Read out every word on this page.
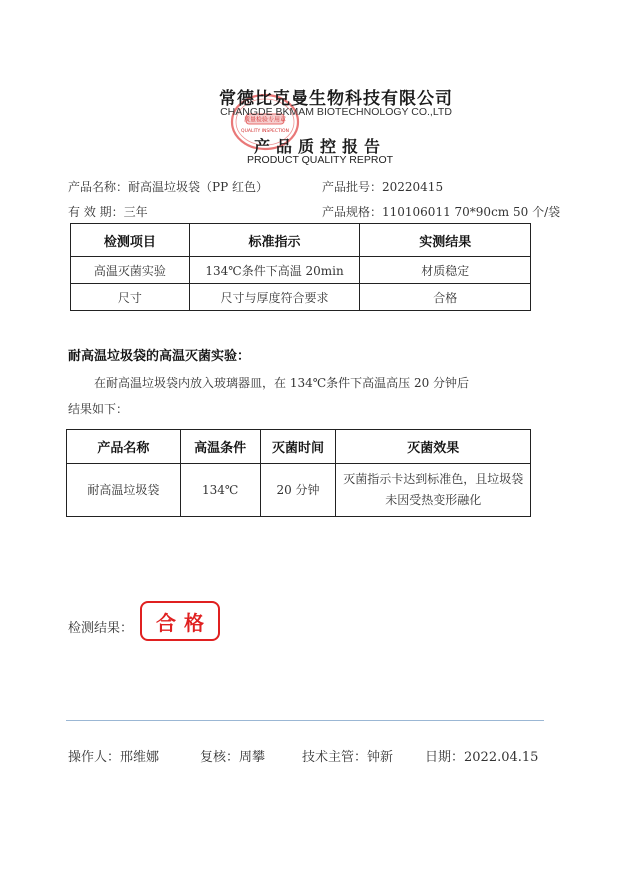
质量检验专用章
QUALITY INSPECTION
常德比克曼生物科技有限公司
CHANGDE BKMAM BIOTECHNOLOGY CO.,LTD
产品质控报告
PRODUCT QUALITY REPROT
产品名称：耐高温垃圾袋（PP 红色）	产品批号：20220415
有 效 期：三年	产品规格：110106011 70*90cm 50 个/袋
检测项目	标准指示	实测结果
高温灭菌实验	134℃条件下高温 20min	材质稳定
尺寸	尺寸与厚度符合要求	合格
耐高温垃圾袋的高温灭菌实验：
在耐高温垃圾袋内放入玻璃器皿，在 134℃条件下高温高压 20 分钟后
结果如下：
产品名称	高温条件	灭菌时间	灭菌效果
耐高温垃圾袋	134℃	20 分钟	灭菌指示卡达到标准色，且垃圾袋
未因受热变形融化
检测结果：	合格
操作人：邢维娜	复核：周攀	技术主管：钟新 日期：2022.04.15
